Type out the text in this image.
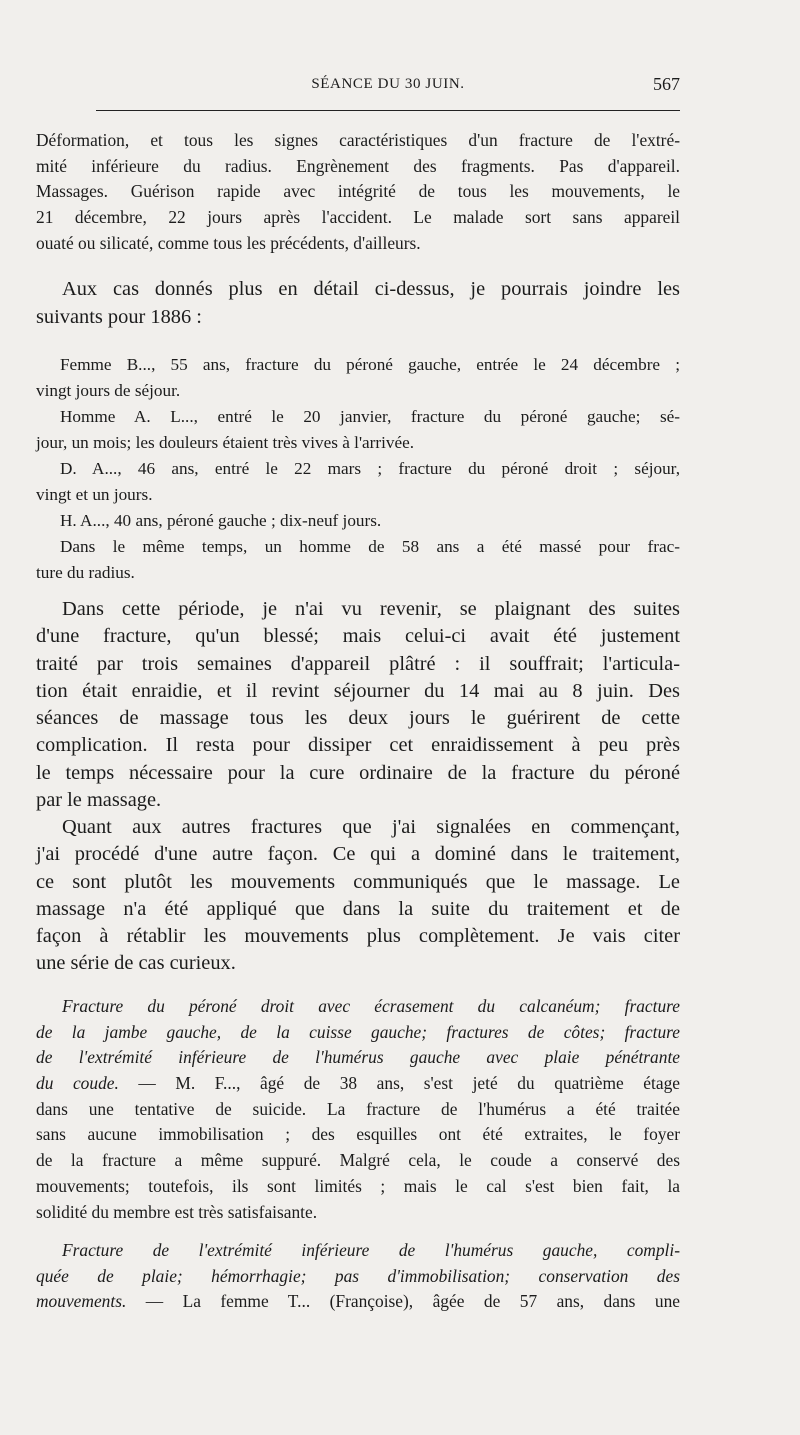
SÉANCE DU 30 JUIN.	567
Déformation, et tous les signes caractéristiques d'un fracture de l'extré-
mité inférieure du radius. Engrènement des fragments. Pas d'appareil.
Massages. Guérison rapide avec intégrité de tous les mouvements, le
21 décembre, 22 jours après l'accident. Le malade sort sans appareil
ouaté ou silicaté, comme tous les précédents, d'ailleurs.
Aux cas donnés plus en détail ci-dessus, je pourrais joindre les
suivants pour 1886 :
Femme B..., 55 ans, fracture du péroné gauche, entrée le 24 décembre ;
vingt jours de séjour.
Homme A. L..., entré le 20 janvier, fracture du péroné gauche; sé-
jour, un mois; les douleurs étaient très vives à l'arrivée.
D. A..., 46 ans, entré le 22 mars ; fracture du péroné droit ; séjour,
vingt et un jours.
H. A..., 40 ans, péroné gauche ; dix-neuf jours.
Dans le même temps, un homme de 58 ans a été massé pour frac-
ture du radius.
Dans cette période, je n'ai vu revenir, se plaignant des suites
d'une fracture, qu'un blessé; mais celui-ci avait été justement
traité par trois semaines d'appareil plâtré : il souffrait; l'articula-
tion était enraidie, et il revint séjourner du 14 mai au 8 juin. Des
séances de massage tous les deux jours le guérirent de cette
complication. Il resta pour dissiper cet enraidissement à peu près
le temps nécessaire pour la cure ordinaire de la fracture du péroné
par le massage.
Quant aux autres fractures que j'ai signalées en commençant,
j'ai procédé d'une autre façon. Ce qui a dominé dans le traitement,
ce sont plutôt les mouvements communiqués que le massage. Le
massage n'a été appliqué que dans la suite du traitement et de
façon à rétablir les mouvements plus complètement. Je vais citer
une série de cas curieux.
Fracture du péroné droit avec écrasement du calcanéum; fracture
de la jambe gauche, de la cuisse gauche; fractures de côtes; fracture
de l'extrémité inférieure de l'humérus gauche avec plaie pénétrante
du coude. — M. F..., âgé de 38 ans, s'est jeté du quatrième étage
dans une tentative de suicide. La fracture de l'humérus a été traitée
sans aucune immobilisation ; des esquilles ont été extraites, le foyer
de la fracture a même suppuré. Malgré cela, le coude a conservé des
mouvements; toutefois, ils sont limités ; mais le cal s'est bien fait, la
solidité du membre est très satisfaisante.
Fracture de l'extrémité inférieure de l'humérus gauche, compli-
quée de plaie; hémorrhagie; pas d'immobilisation; conservation des
mouvements. — La femme T... (Françoise), âgée de 57 ans, dans une
